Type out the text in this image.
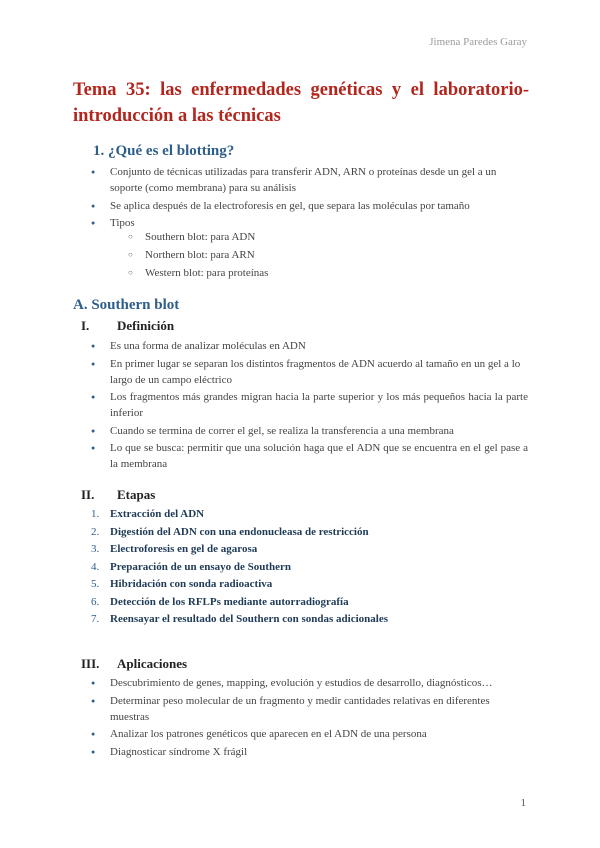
Jimena Paredes Garay
Tema 35: las enfermedades genéticas y el laboratorio- introducción a las técnicas
1. ¿Qué es el blotting?
● Conjunto de técnicas utilizadas para transferir ADN, ARN o proteínas desde un gel a un soporte (como membrana) para su análisis
● Se aplica después de la electroforesis en gel, que separa las moléculas por tamaño
● Tipos
○ Southern blot: para ADN
○ Northern blot: para ARN
○ Western blot: para proteínas
A. Southern blot
I.	Definición
● Es una forma de analizar moléculas en ADN
● En primer lugar se separan los distintos fragmentos de ADN acuerdo al tamaño en un gel a lo largo de un campo eléctrico
● Los fragmentos más grandes migran hacia la parte superior y los más pequeños hacia la parte inferior
● Cuando se termina de correr el gel, se realiza la transferencia a una membrana
● Lo que se busca: permitir que una solución haga que el ADN que se encuentra en el gel pase a la membrana
II.	Etapas
1. Extracción del ADN
2. Digestión del ADN con una endonucleasa de restricción
3. Electroforesis en gel de agarosa
4. Preparación de un ensayo de Southern
5. Hibridación con sonda radioactiva
6. Detección de los RFLPs mediante autorradiografía
7. Reensayar el resultado del Southern con sondas adicionales
III.	Aplicaciones
● Descubrimiento de genes, mapping, evolución y estudios de desarrollo, diagnósticos…
● Determinar peso molecular de un fragmento y medir cantidades relativas en diferentes muestras
● Analizar los patrones genéticos que aparecen en el ADN de una persona
● Diagnosticar síndrome X frágil
1
